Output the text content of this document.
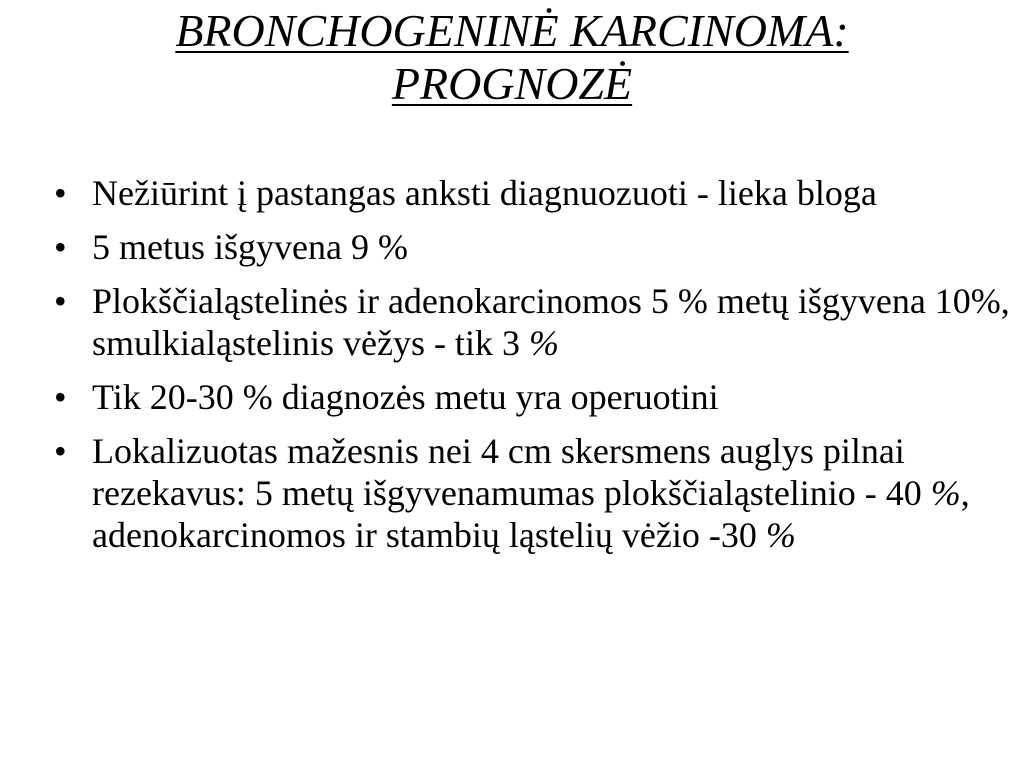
BRONCHOGENINĖ KARCINOMA:
PROGNOZĖ
• Nežiūrint į pastangas anksti diagnuozuoti - lieka bloga
• 5 metus išgyvena 9 %
• Plokščialąstelinės ir adenokarcinomos 5 % metų išgyvena 10%, smulkialąstelinis vėžys - tik 3 %
• Tik 20-30 % diagnozės metu yra operuotini
• Lokalizuotas mažesnis nei 4 cm skersmens auglys pilnai rezekavus: 5 metų išgyvenamumas plokščialąstelinio - 40 %, adenokarcinomos ir stambių ląstelių vėžio -30 %
